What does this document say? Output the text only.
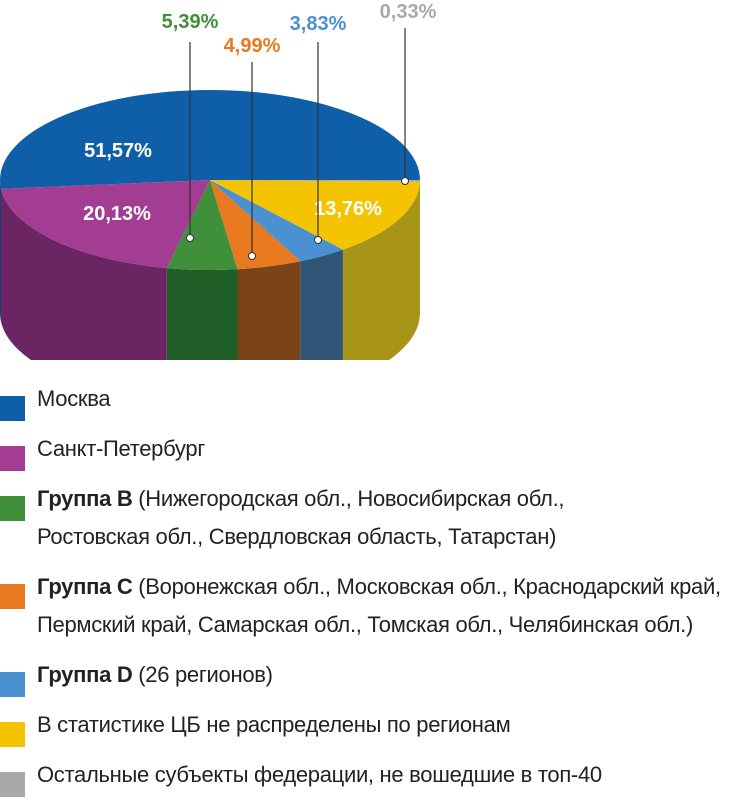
51,57%
20,13%	13,76%
5,39%
4,99%
3,83%
0,33%
Москва
Санкт-Петербург
Группа B (Нижегородская обл., Новосибирская обл.,
Ростовская обл., Свердловская область, Татарстан)
Группа C (Воронежская обл., Московская обл., Краснодарский край,
Пермский край, Самарская обл., Томская обл., Челябинская обл.)
Группа D (26 регионов)
В статистике ЦБ не распределены по регионам
Остальные субъекты федерации, не вошедшие в топ-40
